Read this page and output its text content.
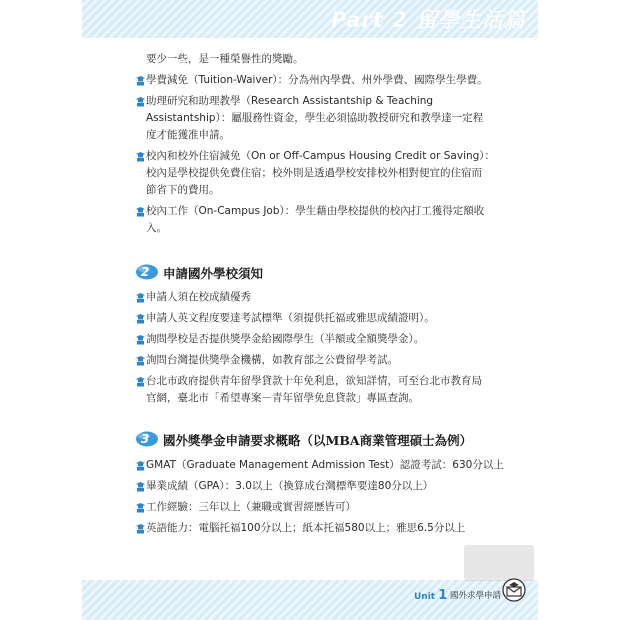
Part 2 留學生活篇
要少一些，是一種榮譽性的獎勵。
學費減免（Tuition-Waiver）：分為州內學費、州外學費、國際學生學費。
助理研究和助理教學（Research Assistantship & Teaching
Assistantship）：屬服務性資金，學生必須協助教授研究和教學達一定程
度才能獲准申請。
校內和校外住宿減免（On or Off-Campus Housing Credit or Saving）：
校內是學校提供免費住宿；校外則是透過學校安排校外相對便宜的住宿而
節省下的費用。
校內工作（On-Campus Job）：學生藉由學校提供的校內打工獲得定額收
入。
2 申請國外學校須知
申請人須在校成績優秀
申請人英文程度要達考試標準（須提供托福或雅思成績證明）。
詢問學校是否提供獎學金給國際學生（半額或全額獎學金）。
詢問台灣提供獎學金機構，如教育部之公費留學考試。
台北市政府提供青年留學貸款十年免利息，欲知詳情，可至台北市教育局
官網，臺北市「希望專案－青年留學免息貸款」專區查詢。
3 國外獎學金申請要求概略（以MBA商業管理碩士為例）
GMAT（Graduate Management Admission Test）認證考試：630分以上
畢業成績（GPA）：3.0以上（換算成台灣標準要達80分以上）
工作經驗：三年以上（兼職或實習經歷皆可）
英語能力：電腦托福100分以上；紙本托福580以上；雅思6.5分以上
Unit 1 國外求學申請
